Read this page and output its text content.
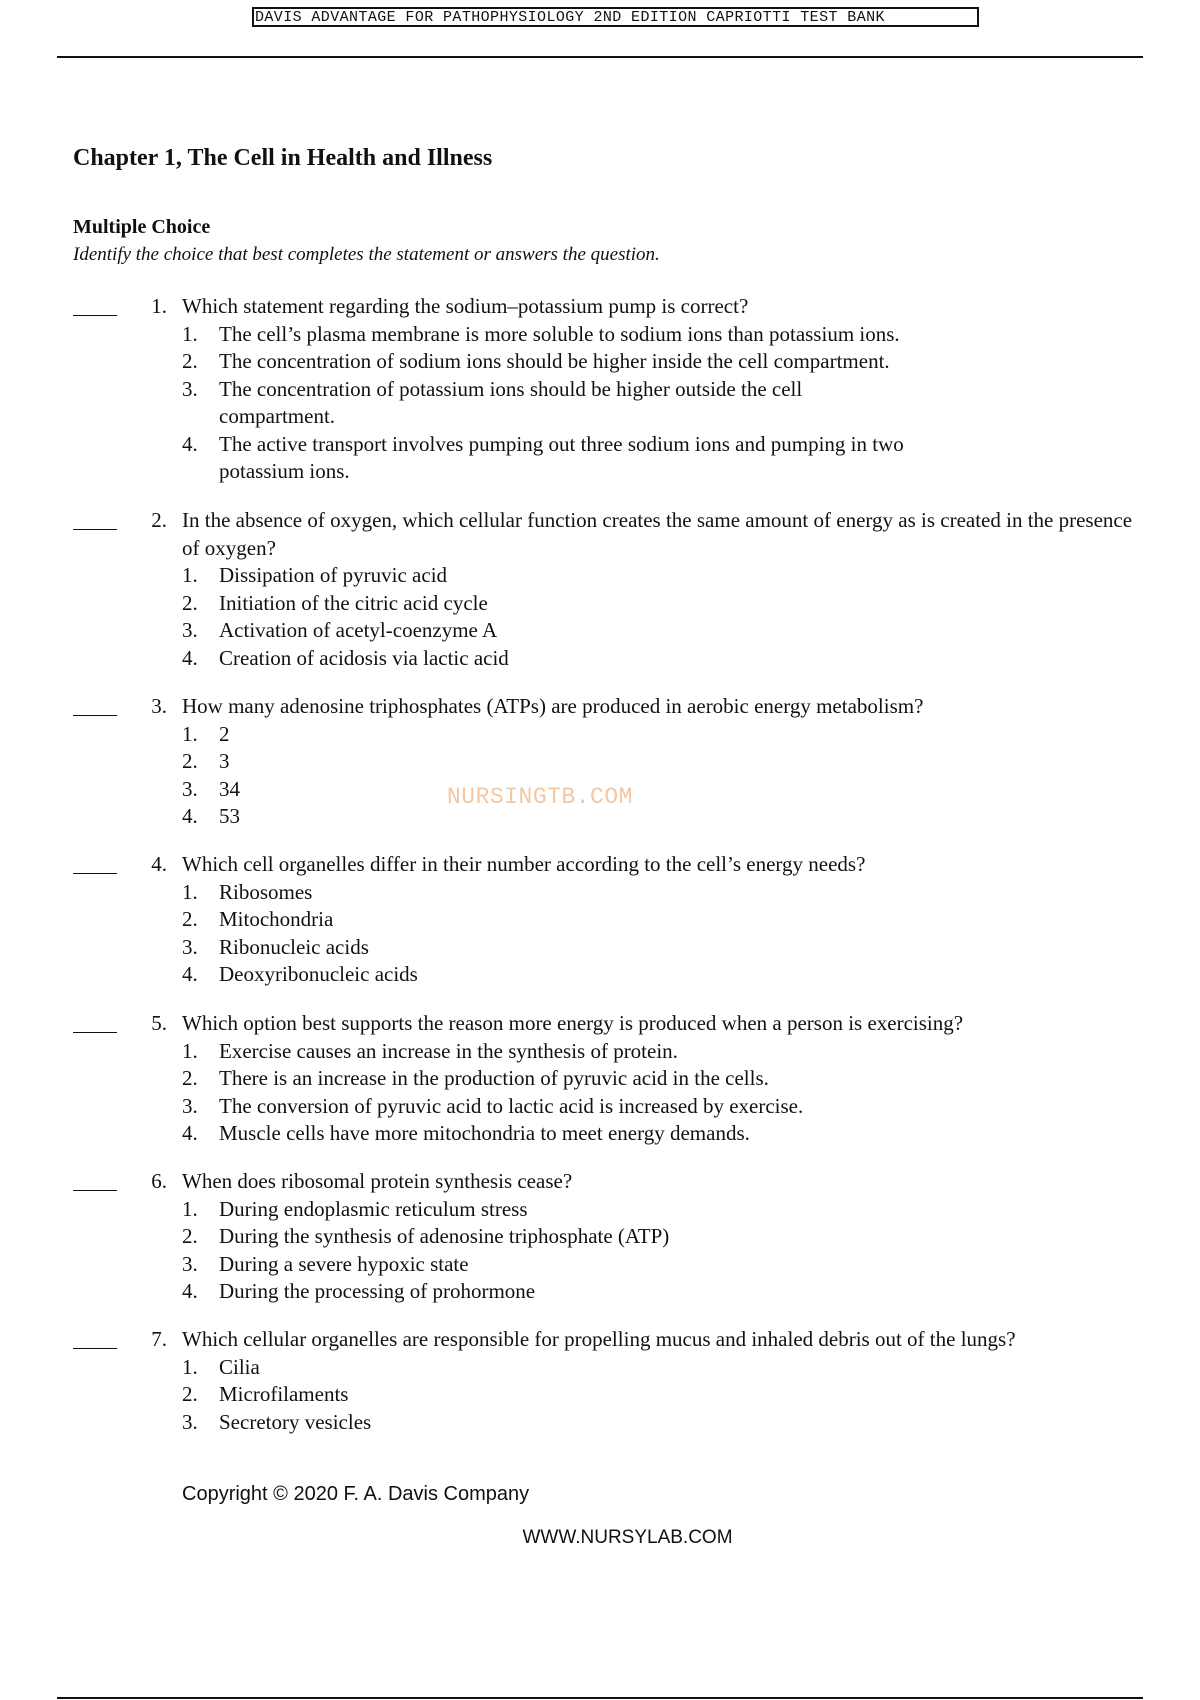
DAVIS ADVANTAGE FOR PATHOPHYSIOLOGY 2ND EDITION CAPRIOTTI TEST BANK
Chapter 1, The Cell in Health and Illness
Multiple Choice
Identify the choice that best completes the statement or answers the question.
1. Which statement regarding the sodium–potassium pump is correct?
1. The cell’s plasma membrane is more soluble to sodium ions than potassium ions.
2. The concentration of sodium ions should be higher inside the cell compartment.
3. The concentration of potassium ions should be higher outside the cell compartment.
4. The active transport involves pumping out three sodium ions and pumping in two potassium ions.
2. In the absence of oxygen, which cellular function creates the same amount of energy as is created in the presence of oxygen?
1. Dissipation of pyruvic acid
2. Initiation of the citric acid cycle
3. Activation of acetyl-coenzyme A
4. Creation of acidosis via lactic acid
3. How many adenosine triphosphates (ATPs) are produced in aerobic energy metabolism?
1. 2
2. 3
3. 34
4. 53
NURSINGTB.COM
4. Which cell organelles differ in their number according to the cell’s energy needs?
1. Ribosomes
2. Mitochondria
3. Ribonucleic acids
4. Deoxyribonucleic acids
5. Which option best supports the reason more energy is produced when a person is exercising?
1. Exercise causes an increase in the synthesis of protein.
2. There is an increase in the production of pyruvic acid in the cells.
3. The conversion of pyruvic acid to lactic acid is increased by exercise.
4. Muscle cells have more mitochondria to meet energy demands.
6. When does ribosomal protein synthesis cease?
1. During endoplasmic reticulum stress
2. During the synthesis of adenosine triphosphate (ATP)
3. During a severe hypoxic state
4. During the processing of prohormone
7. Which cellular organelles are responsible for propelling mucus and inhaled debris out of the lungs?
1. Cilia
2. Microfilaments
3. Secretory vesicles
Copyright © 2020 F. A. Davis Company
WWW.NURSYLAB.COM
